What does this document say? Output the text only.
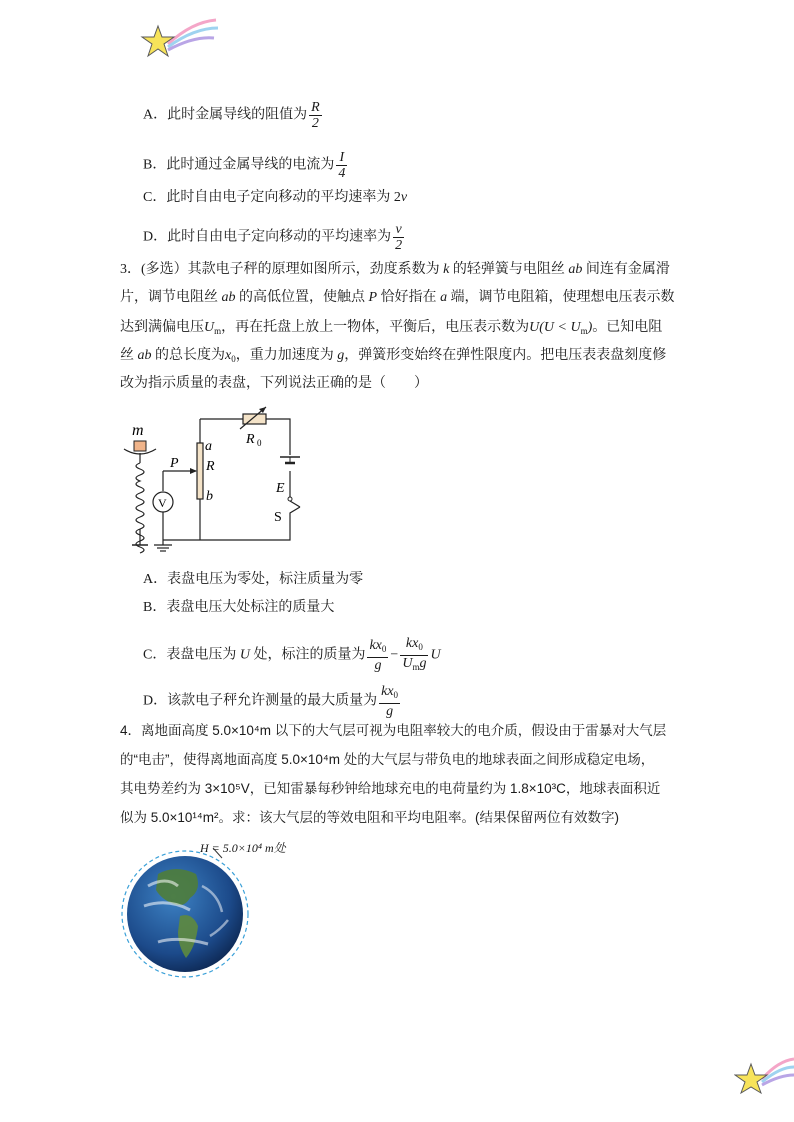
A．此时金属导线的阻值为 $\frac{R}{2}$
B．此时通过金属导线的电流为 $\frac{I}{4}$
C．此时自由电子定向移动的平均速率为 2v
D．此时自由电子定向移动的平均速率为 $\frac{v}{2}$
3．(多选）其款电子秤的原理如图所示，劲度系数为 k 的轻弹簧与电阻丝 ab 间连有金属滑
片，调节电阻丝 ab 的高低位置，使触点 P 恰好指在 a 端，调节电阻箱，使理想电压表示数
达到满偏电压$U_m$，再在托盘上放上一物体，平衡后，电压表示数为$U(U < U_m)$。已知电阻
丝 ab 的总长度为$x_0$，重力加速度为 g，弹簧形变始终在弹性限度内。把电压表表盘刻度修
改为指示质量的表盘，下列说法正确的是（　　）
V
m
P
a
R
b
R 0
E
S
A．表盘电压为零处，标注质量为零
B．表盘电压大处标注的质量大
C．表盘电压为 U 处，标注的质量为 $\frac{kx_0}{g} - \frac{kx_0}{U_mg}$ U
D．该款电子秤允许测量的最大质量为 $\frac{kx_0}{g}$
4．离地面高度 5.0×10⁴m 以下的大气层可视为电阻率较大的电介质，假设由于雷暴对大气层
的“电击”，使得离地面高度 5.0×10⁴m 处的大气层与带负电的地球表面之间形成稳定电场，
其电势差约为 3×10⁵V，已知雷暴每秒钟给地球充电的电荷量约为 1.8×10³C，地球表面积近
似为 5.0×10¹⁴m²。求：该大气层的等效电阻和平均电阻率。(结果保留两位有效数字)
H = 5.0×10⁴ m处
